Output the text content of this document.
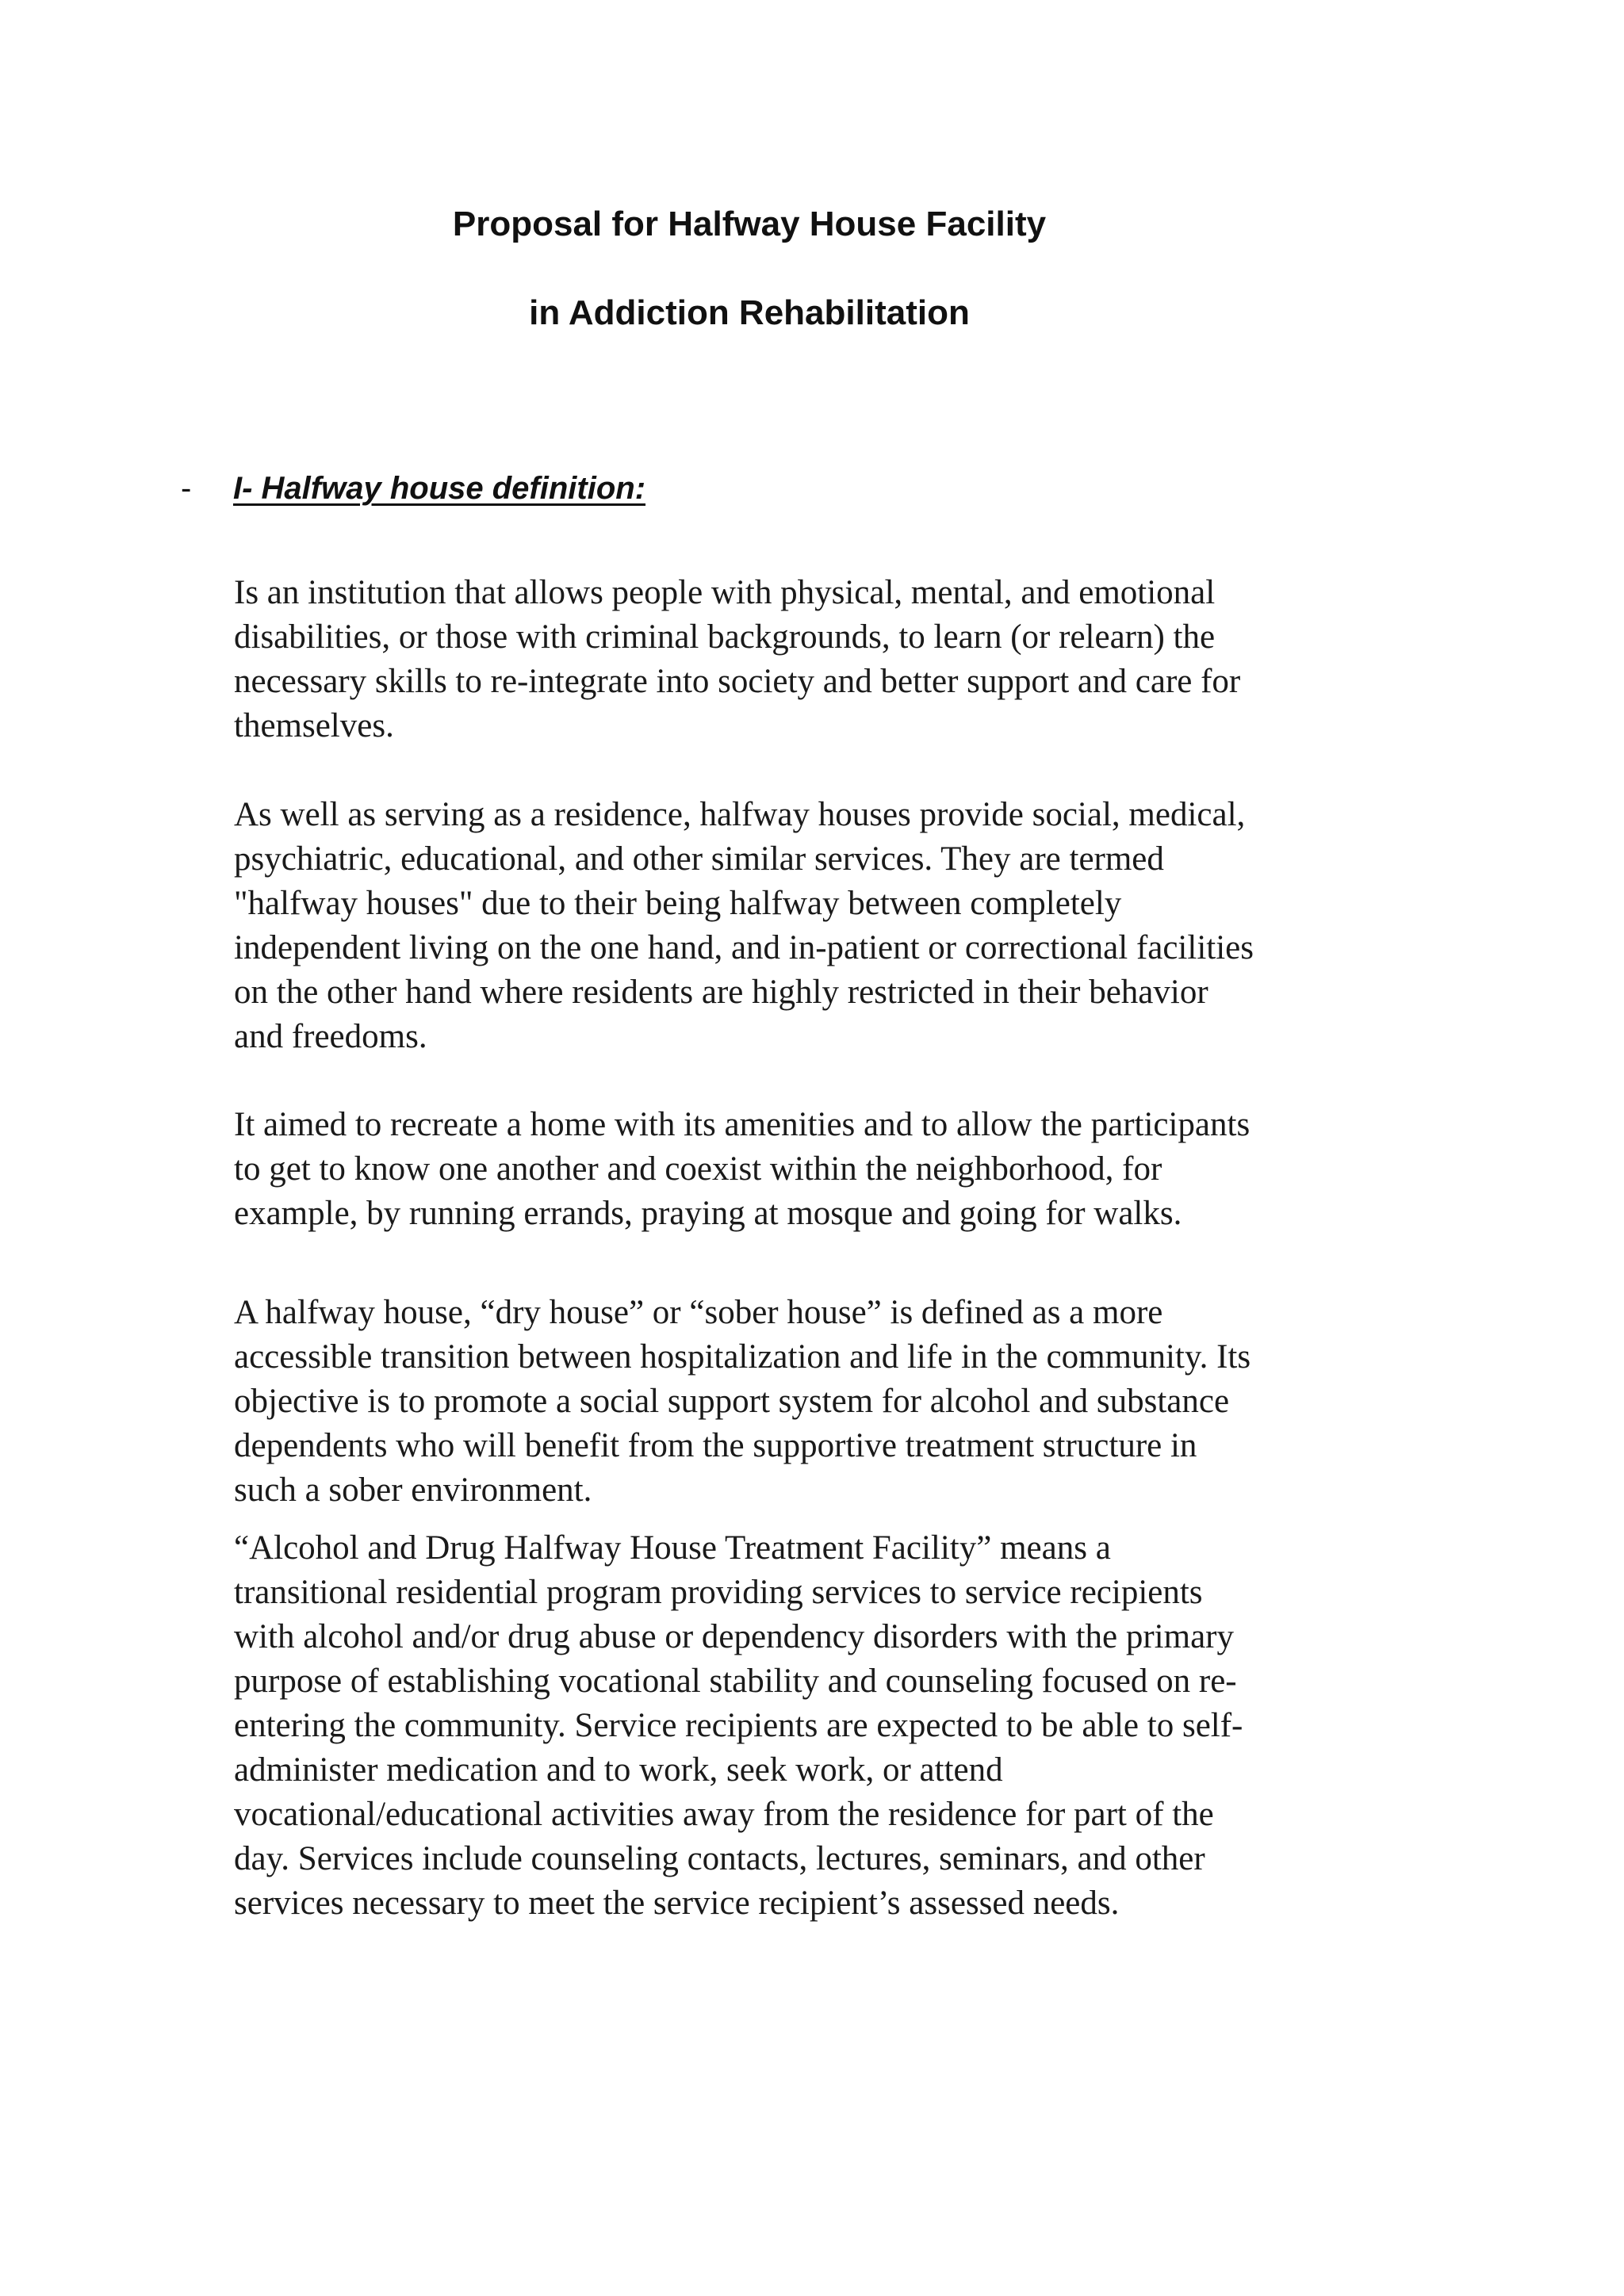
Proposal for Halfway House Facility
in Addiction Rehabilitation
- I- Halfway house definition:
Is an institution that allows people with physical, mental, and emotional
disabilities, or those with criminal backgrounds, to learn (or relearn) the
necessary skills to re-integrate into society and better support and care for
themselves.
As well as serving as a residence, halfway houses provide social, medical,
psychiatric, educational, and other similar services. They are termed
"halfway houses" due to their being halfway between completely
independent living on the one hand, and in-patient or correctional facilities
on the other hand where residents are highly restricted in their behavior
and freedoms.
It aimed to recreate a home with its amenities and to allow the participants
to get to know one another and coexist within the neighborhood, for
example, by running errands, praying at mosque and going for walks.
A halfway house, “dry house” or “sober house” is defined as a more
accessible transition between hospitalization and life in the community. Its
objective is to promote a social support system for alcohol and substance
dependents who will benefit from the supportive treatment structure in
such a sober environment.
“Alcohol and Drug Halfway House Treatment Facility” means a
transitional residential program providing services to service recipients
with alcohol and/or drug abuse or dependency disorders with the primary
purpose of establishing vocational stability and counseling focused on re-
entering the community. Service recipients are expected to be able to self-
administer medication and to work, seek work, or attend
vocational/educational activities away from the residence for part of the
day. Services include counseling contacts, lectures, seminars, and other
services necessary to meet the service recipient’s assessed needs.
